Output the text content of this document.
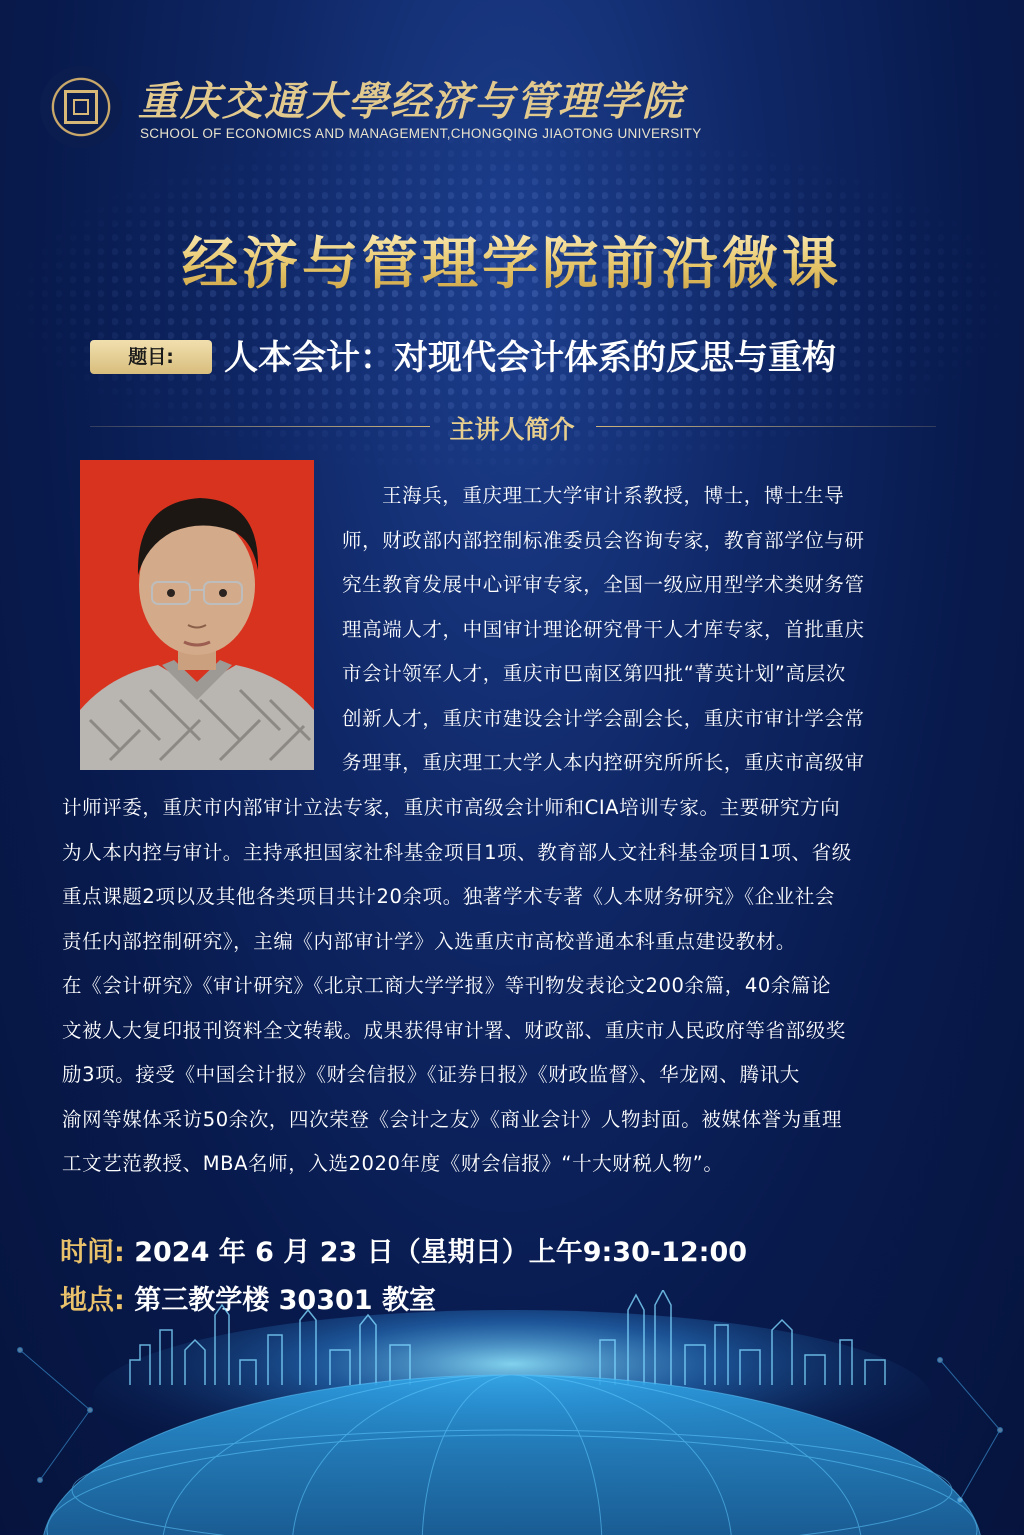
重庆交通大學经济与管理学院
SCHOOL OF ECONOMICS AND MANAGEMENT,CHONGQING JIAOTONG UNIVERSITY
经济与管理学院前沿微课
题目:	人本会计：对现代会计体系的反思与重构
主讲人简介
王海兵，重庆理工大学审计系教授，博士，博士生导
师，财政部内部控制标准委员会咨询专家，教育部学位与研
究生教育发展中心评审专家，全国一级应用型学术类财务管
理高端人才，中国审计理论研究骨干人才库专家，首批重庆
市会计领军人才，重庆市巴南区第四批“菁英计划”高层次
创新人才，重庆市建设会计学会副会长，重庆市审计学会常
务理事，重庆理工大学人本内控研究所所长，重庆市高级审
计师评委，重庆市内部审计立法专家，重庆市高级会计师和CIA培训专家。主要研究方向
为人本内控与审计。主持承担国家社科基金项目1项、教育部人文社科基金项目1项、省级
重点课题2项以及其他各类项目共计20余项。独著学术专著《人本财务研究》《企业社会
责任内部控制研究》，主编《内部审计学》入选重庆市高校普通本科重点建设教材。
在《会计研究》《审计研究》《北京工商大学学报》等刊物发表论文200余篇，40余篇论
文被人大复印报刊资料全文转载。成果获得审计署、财政部、重庆市人民政府等省部级奖
励3项。接受《中国会计报》《财会信报》《证券日报》《财政监督》、华龙网、腾讯大
渝网等媒体采访50余次，四次荣登《会计之友》《商业会计》人物封面。被媒体誉为重理
工文艺范教授、MBA名师，入选2020年度《财会信报》“十大财税人物”。
时间: 2024 年 6 月 23 日（星期日）上午9:30-12:00
地点: 第三教学楼 30301 教室
